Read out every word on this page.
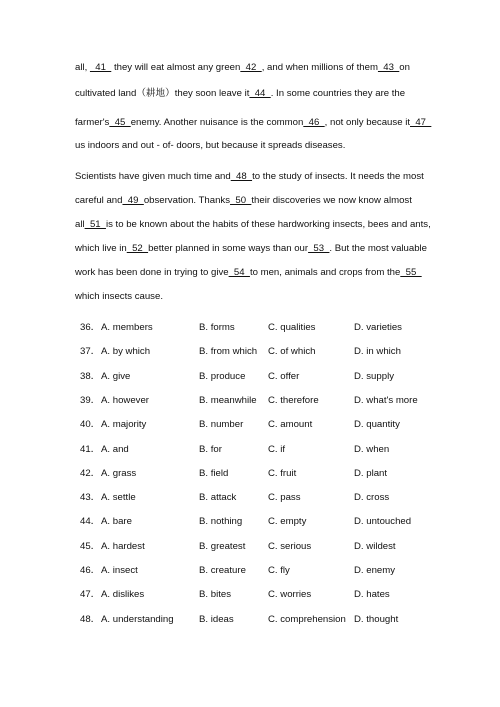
all,   41   they will eat almost any green  42  , and when millions of them  43  on
cultivated land（耕地）they soon leave it  44  . In some countries they are the
farmer's  45  enemy. Another nuisance is the common  46  , not only because it  47
us indoors and out - of- doors, but because it spreads diseases.
Scientists have given much time and  48  to the study of insects. It needs the most
careful and  49  observation. Thanks  50  their discoveries we now know almost
all  51  is to be known about the habits of these hardworking insects, bees and ants,
which live in  52  better planned in some ways than our  53  . But the most valuable
work has been done in trying to give  54  to men, animals and crops from the  55
which insects cause.
36． A. members	B. forms	C. qualities	D. varieties
37． A. by which	B. from which C. of which	D. in which
38． A. give	B. produce C. offer	D. supply
39． A. however	B. meanwhile C. therefore	D. what's more
40． A. majority	B. number	C. amount	D. quantity
41． A. and	B. for	C. if	D. when
42． A. grass	B. field	C. fruit	D. plant
43． A. settle	B. attack	C. pass	D. cross
44． A. bare	B. nothing	C. empty	D. untouched
45． A. hardest	B. greatest C. serious	D. wildest
46． A. insect	B. creature C. fly	D. enemy
47． A. dislikes	B. bites	C. worries	D. hates
48． A. understanding	B. ideas	C. comprehension D. thought
